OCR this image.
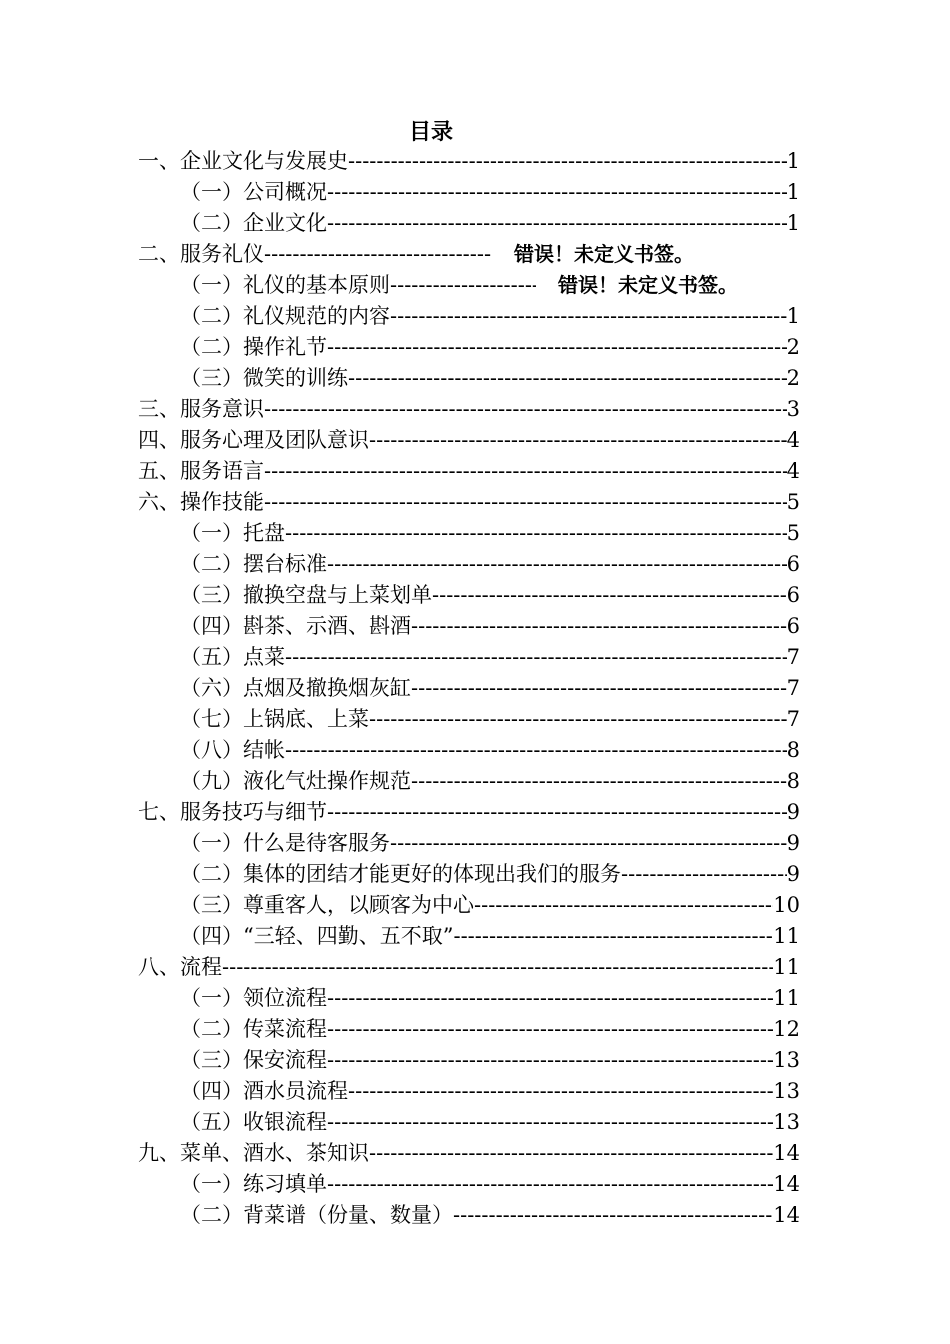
目录
一、企业文化与发展史 -----	1
（一）公司概况 -----	1
（二）企业文化 -----	1
二、服务礼仪 -----	错误！未定义书签。
（一）礼仪的基本原则 -----	错误！未定义书签。
（二）礼仪规范的内容 -----	1
（二）操作礼节 -----	2
（三）微笑的训练 -----	2
三、服务意识 -----	3
四、服务心理及团队意识 -----	4
五、服务语言 -----	4
六、操作技能 -----	5
（一）托盘 -----	5
（二）摆台标准 -----	6
（三）撤换空盘与上菜划单 -----	6
（四）斟茶、示酒、斟酒 -----	6
（五）点菜 -----	7
（六）点烟及撤换烟灰缸 -----	7
（七）上锅底、上菜 -----	7
（八）结帐 -----	8
（九）液化气灶操作规范 -----	8
七、服务技巧与细节 -----	9
（一）什么是待客服务 -----	9
（二）集体的团结才能更好的体现出我们的服务 -----	9
（三）尊重客人，以顾客为中心 -----	10
（四）“三轻、四勤、五不取” -----	11
八、流程 -----	11
（一）领位流程 -----	11
（二）传菜流程 -----	12
（三）保安流程 -----	13
（四）酒水员流程 -----	13
（五）收银流程 -----	13
九、菜单、酒水、茶知识 -----	14
（一）练习填单 -----	14
（二）背菜谱（份量、数量） -----	14
